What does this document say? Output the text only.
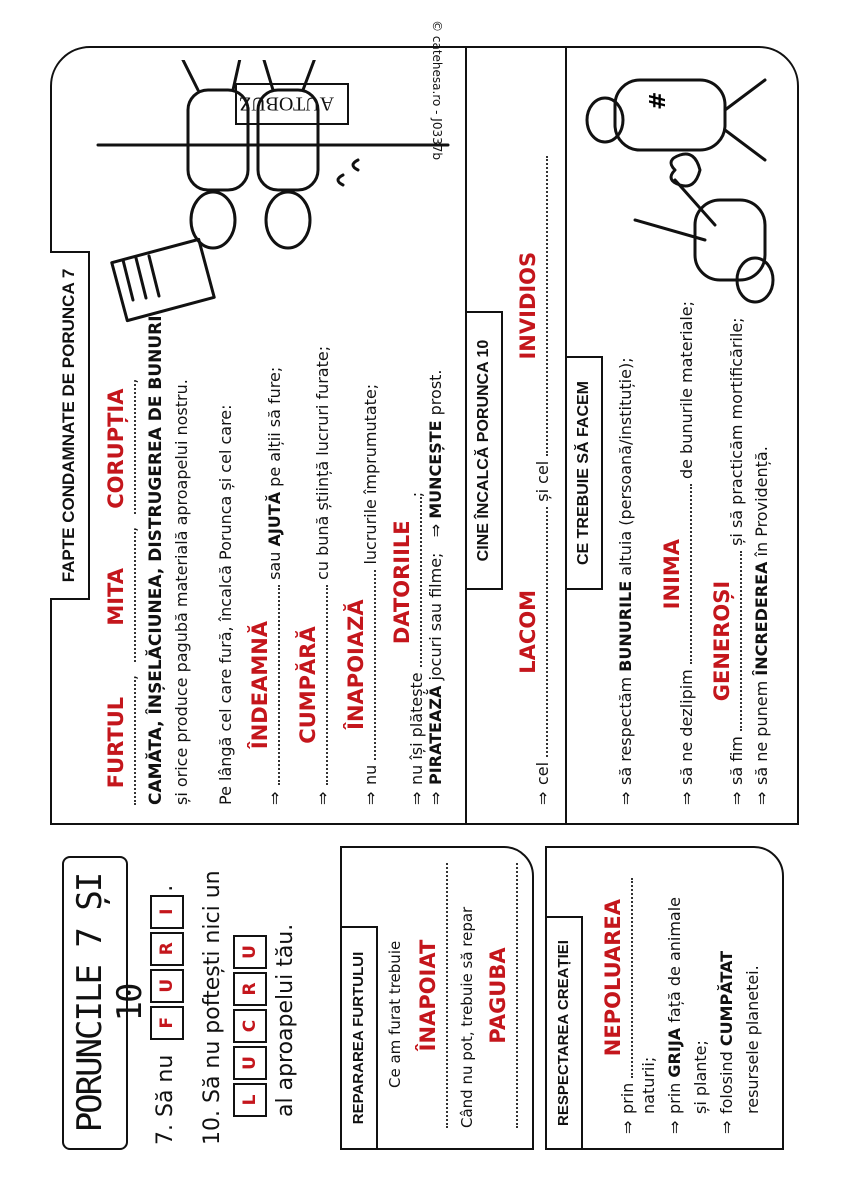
PORUNCILE 7 ȘI 10
7. Să nu FURI. 10. Să nu poftești nici un LUCRU al aproapelui tău.	REPARAREA FURTULUI	Ce am furat trebuie ÎNAPOIAT Când nu pot, trebuie să repar PAGUBA	RESPECTAREA CREAȚIEI
⇒prin
NEPOLUAREA
naturii;
⇒prin GRIJA față de animale
și plante;
⇒folosind CUMPĂTAT resursele planetei.
FAPTE CONDAMNATE DE PORUNCA 7
FURTUL
,
MITA
,
CORUPȚIA
, CAMĂTA, ÎNȘELĂCIUNEA, DISTRUGEREA DE BUNURI și orice produce pagubă materială aproapelui nostru. Pe lângă cel care fură, încalcă Porunca și cel care:	⇒
ÎNDEAMNĂ
sau AJUTĂ pe alții să fure;
⇒
CUMPĂRĂ
cu bună știință lucruri furate;
⇒nu
ÎNAPOIAZĂ
lucrurile împrumutate;
⇒nu își plătește
DATORIILE
;
⇒PIRATEAZĂ jocuri sau filme;   ⇒ MUNCEȘTE prost.
AUTOBUZ	© catehesa.ro - J0337b
CINE ÎNCALCĂ PORUNCA 10
⇒cel
LACOM
și cel
INVIDIOS
CE TREBUIE SĂ FACEM
⇒să respectăm BUNURILE altuia (persoană/instituție);
⇒să ne dezlipim
INIMA
de bunurile materiale;
⇒să fim
GENEROȘI
și să practicăm mortificările;
⇒să ne punem ÎNCREDEREA în Providență.
#
